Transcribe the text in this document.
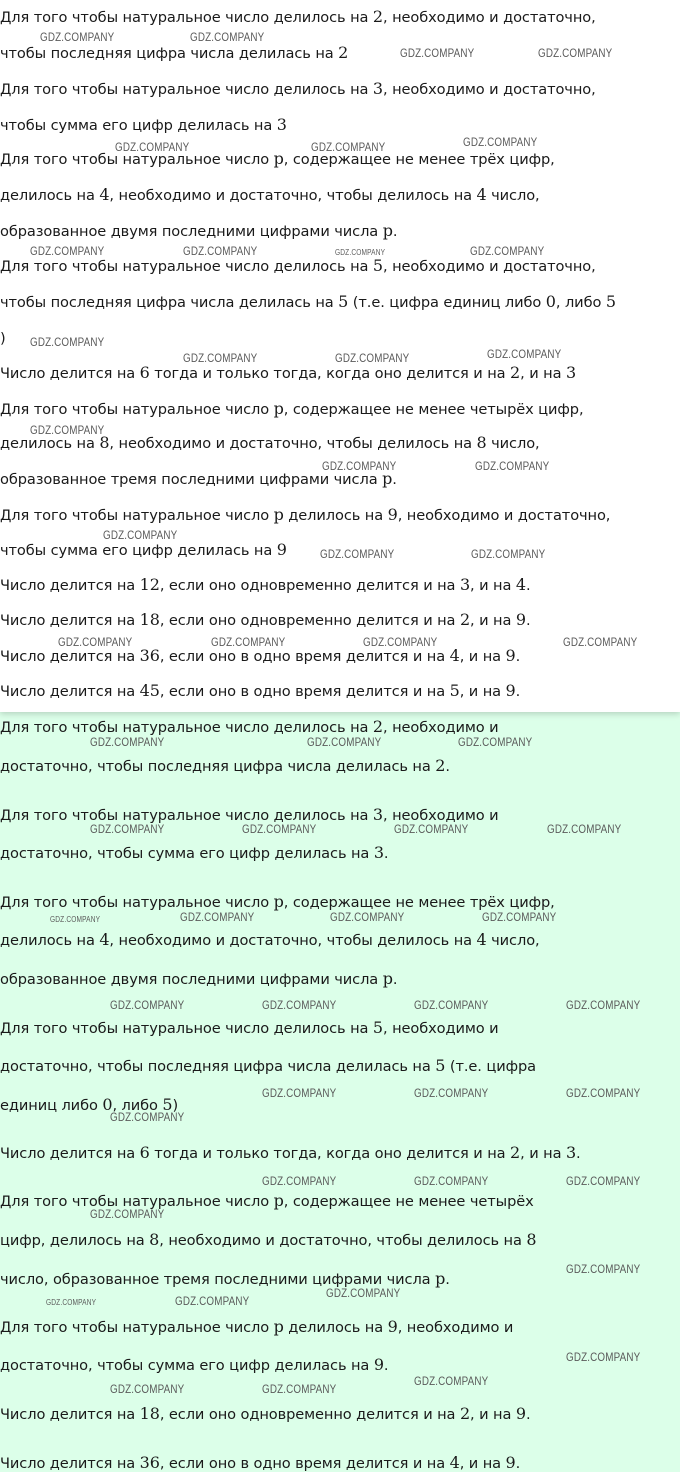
Для того чтобы натуральное число делилось на 2, необходимо и достаточно,
чтобы последняя цифра числа делилась на 2
Для того чтобы натуральное число делилось на 3, необходимо и достаточно,
чтобы сумма его цифр делилась на 3
Для того чтобы натуральное число p, содержащее не менее трёх цифр,
делилось на 4, необходимо и достаточно, чтобы делилось на 4 число,
образованное двумя последними цифрами числа p.
Для того чтобы натуральное число делилось на 5, необходимо и достаточно,
чтобы последняя цифра числа делилась на 5 (т.е. цифра единиц либо 0, либо 5
)
Число делится на 6 тогда и только тогда, когда оно делится и на 2, и на 3
Для того чтобы натуральное число p, содержащее не менее четырёх цифр,
делилось на 8, необходимо и достаточно, чтобы делилось на 8 число,
образованное тремя последними цифрами числа p.
Для того чтобы натуральное число p делилось на 9, необходимо и достаточно,
чтобы сумма его цифр делилась на 9
Число делится на 12, если оно одновременно делится и на 3, и на 4.
Число делится на 18, если оно одновременно делится и на 2, и на 9.
Число делится на 36, если оно в одно время делится и на 4, и на 9.
Число делится на 45, если оно в одно время делится и на 5, и на 9.
GDZ.COMPANY	GDZ.COMPANY
GDZ.COMPANY	GDZ.COMPANY
GDZ.COMPANY	GDZ.COMPANY	GDZ.COMPANY
GDZ.COMPANY	GDZ.COMPANY	GDZ.COMPANY	GDZ.COMPANY
GDZ.COMPANY
GDZ.COMPANY	GDZ.COMPANY	GDZ.COMPANY
GDZ.COMPANY
GDZ.COMPANY	GDZ.COMPANY
GDZ.COMPANY
GDZ.COMPANY	GDZ.COMPANY
GDZ.COMPANY	GDZ.COMPANY	GDZ.COMPANY	GDZ.COMPANY
Для того чтобы натуральное число делилось на 2, необходимо и
достаточно, чтобы последняя цифра числа делилась на 2.
Для того чтобы натуральное число делилось на 3, необходимо и
достаточно, чтобы сумма его цифр делилась на 3.
Для того чтобы натуральное число p, содержащее не менее трёх цифр,
делилось на 4, необходимо и достаточно, чтобы делилось на 4 число,
образованное двумя последними цифрами числа p.
Для того чтобы натуральное число делилось на 5, необходимо и
достаточно, чтобы последняя цифра числа делилась на 5 (т.е. цифра
единиц либо 0, либо 5)
Число делится на 6 тогда и только тогда, когда оно делится и на 2, и на 3.
Для того чтобы натуральное число p, содержащее не менее четырёх
цифр, делилось на 8, необходимо и достаточно, чтобы делилось на 8
число, образованное тремя последними цифрами числа p.
Для того чтобы натуральное число p делилось на 9, необходимо и
достаточно, чтобы сумма его цифр делилась на 9.
Число делится на 18, если оно одновременно делится и на 2, и на 9.
Число делится на 36, если оно в одно время делится и на 4, и на 9.
GDZ.COMPANY	GDZ.COMPANY	GDZ.COMPANY
GDZ.COMPANY	GDZ.COMPANY	GDZ.COMPANY	GDZ.COMPANY
GDZ.COMPANY	GDZ.COMPANY	GDZ.COMPANY	GDZ.COMPANY
GDZ.COMPANY	GDZ.COMPANY	GDZ.COMPANY	GDZ.COMPANY
GDZ.COMPANY
GDZ.COMPANY	GDZ.COMPANY	GDZ.COMPANY
GDZ.COMPANY	GDZ.COMPANY	GDZ.COMPANY
GDZ.COMPANY
GDZ.COMPANY
GDZ.COMPANY	GDZ.COMPANY
GDZ.COMPANY
GDZ.COMPANY
GDZ.COMPANY	GDZ.COMPANY
GDZ.COMPANY
